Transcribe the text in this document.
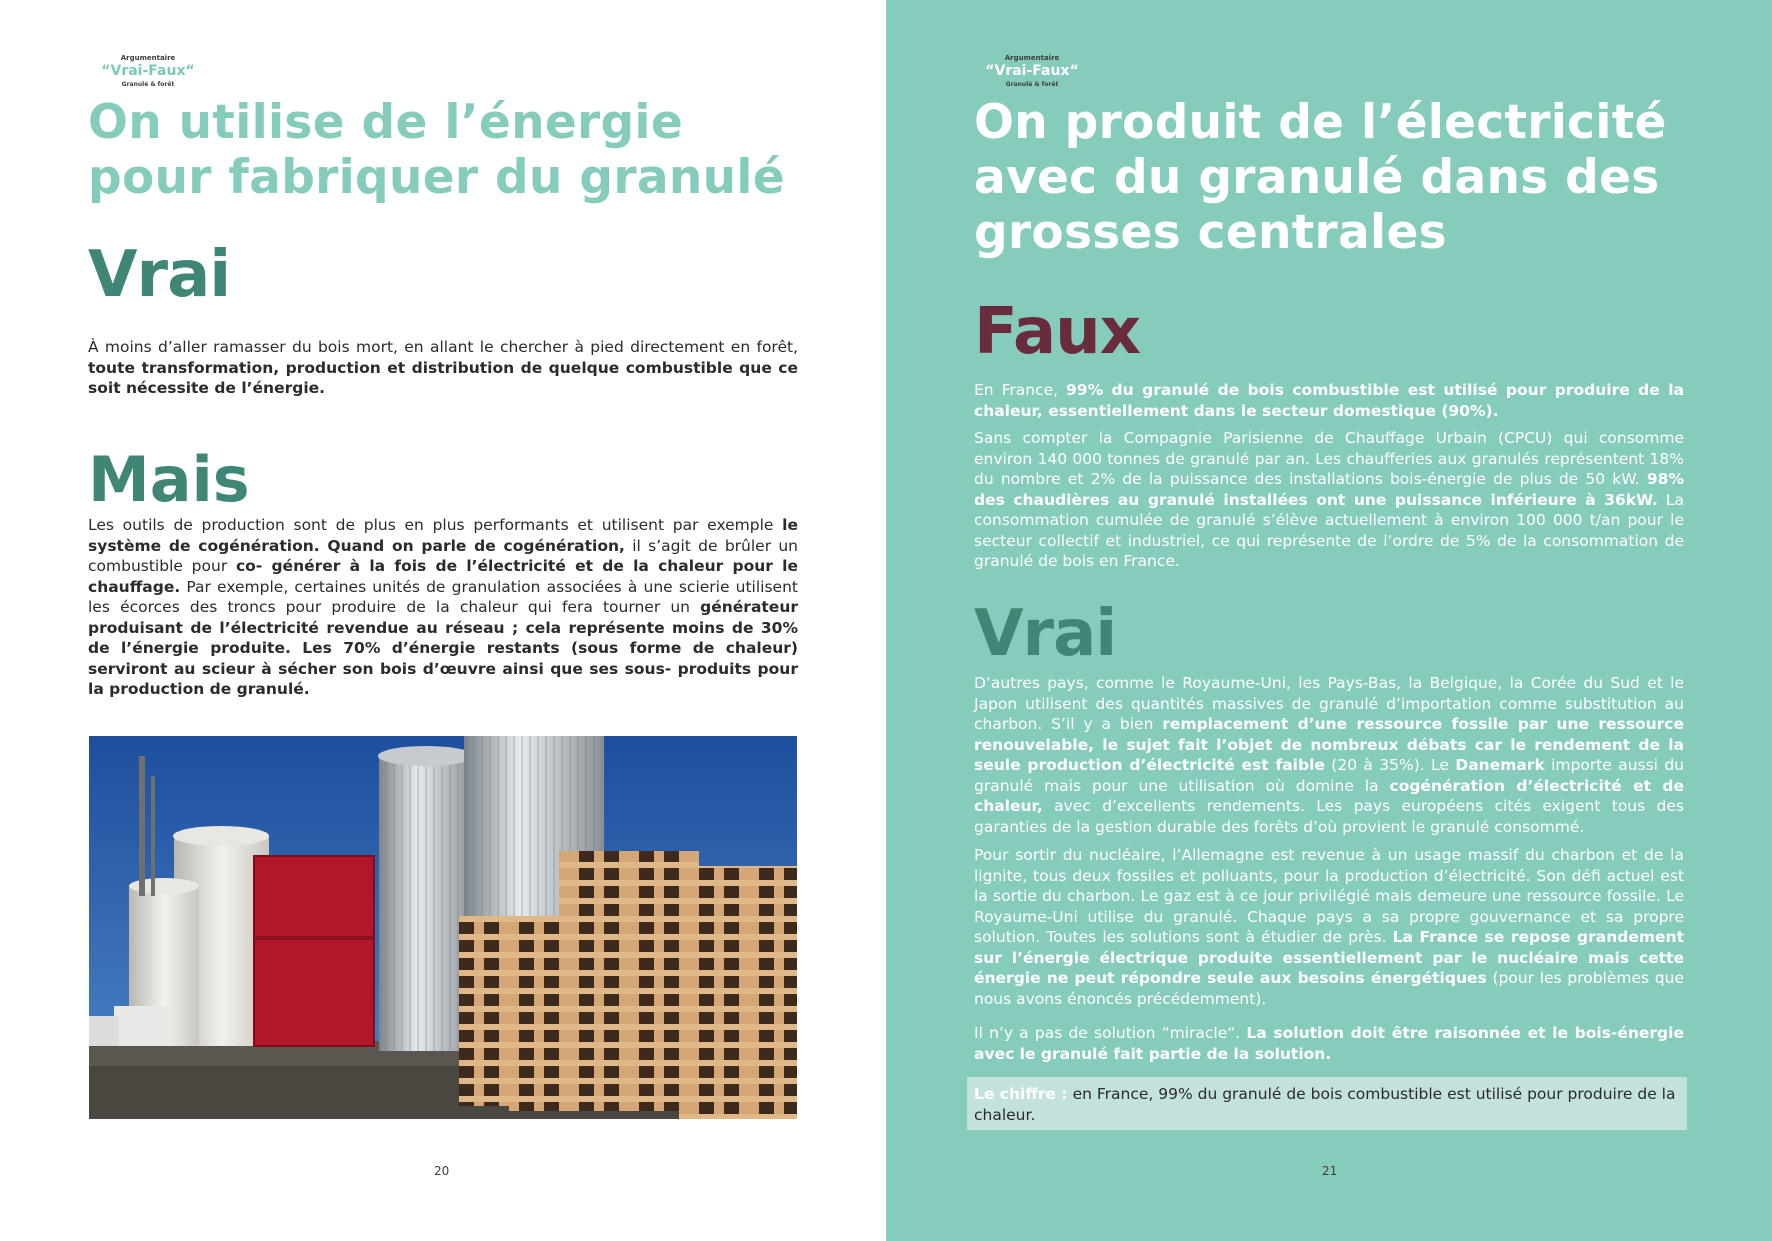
Argumentaire
“Vrai-Faux“
Granulé & forêt
On utilise de l’énergie
pour fabriquer du granulé
Vrai

À moins d’aller ramasser du bois mort, en allant le chercher à pied directement en forêt, toute transformation, production et distribution de quelque combustible que ce soit nécessite de l’énergie.

Mais

Les outils de production sont de plus en plus performants et utilisent par exemple le système de cogénération. Quand on parle de cogénération, il s’agit de brûler un combustible pour co- générer à la fois de l’électricité et de la chaleur pour le chauffage. Par exemple, certaines unités de granulation associées à une scierie utilisent les écorces des troncs pour produire de la chaleur qui fera tourner un générateur produisant de l’électricité revendue au réseau ; cela représente moins de 30% de l’énergie produite. Les 70% d’énergie restants (sous forme de chaleur) serviront au scieur à sécher son bois d’œuvre ainsi que ses sous- produits pour la production de granulé.

20
Argumentaire
“Vrai-Faux“
Granulé & forêt
On produit de l’électricité
avec du granulé dans des
grosses centrales
Faux

En France, 99% du granulé de bois combustible est utilisé pour produire de la chaleur, essentiellement dans le secteur domestique (90%).

Sans compter la Compagnie Parisienne de Chauffage Urbain (CPCU) qui consomme environ 140 000 tonnes de granulé par an. Les chaufferies aux granulés représentent 18% du nombre et 2% de la puissance des installations bois-énergie de plus de 50 kW. 98% des chaudières au granulé installées ont une puissance inférieure à 36kW. La consommation cumulée de granulé s’élève actuellement à environ 100 000 t/an pour le secteur collectif et industriel, ce qui représente de l’ordre de 5% de la consommation de granulé de bois en France.

Vrai

D’autres pays, comme le Royaume-Uni, les Pays-Bas, la Belgique, la Corée du Sud et le Japon utilisent des quantités massives de granulé d’importation comme substitution au charbon. S’il y a bien remplacement d’une ressource fossile par une ressource renouvelable, le sujet fait l’objet de nombreux débats car le rendement de la seule production d’électricité est faible (20 à 35%). Le Danemark importe aussi du granulé mais pour une utilisation où domine la cogénération d’électricité et de chaleur, avec d’excellents rendements. Les pays européens cités exigent tous des garanties de la gestion durable des forêts d’où provient le granulé consommé.

Pour sortir du nucléaire, l’Allemagne est revenue à un usage massif du charbon et de la lignite, tous deux fossiles et polluants, pour la production d’électricité. Son défi actuel est la sortie du charbon. Le gaz est à ce jour privilégié mais demeure une ressource fossile. Le Royaume-Uni utilise du granulé. Chaque pays a sa propre gouvernance et sa propre solution. Toutes les solutions sont à étudier de près. La France se repose grandement sur l’énergie électrique produite essentiellement par le nucléaire mais cette énergie ne peut répondre seule aux besoins énergétiques (pour les problèmes que nous avons énoncés précédemment).

Il n’y a pas de solution “miracle“. La solution doit être raisonnée et le bois-énergie avec le granulé fait partie de la solution.

Le chiffre : en France, 99% du granulé de bois combustible est utilisé pour produire de la chaleur.

21
